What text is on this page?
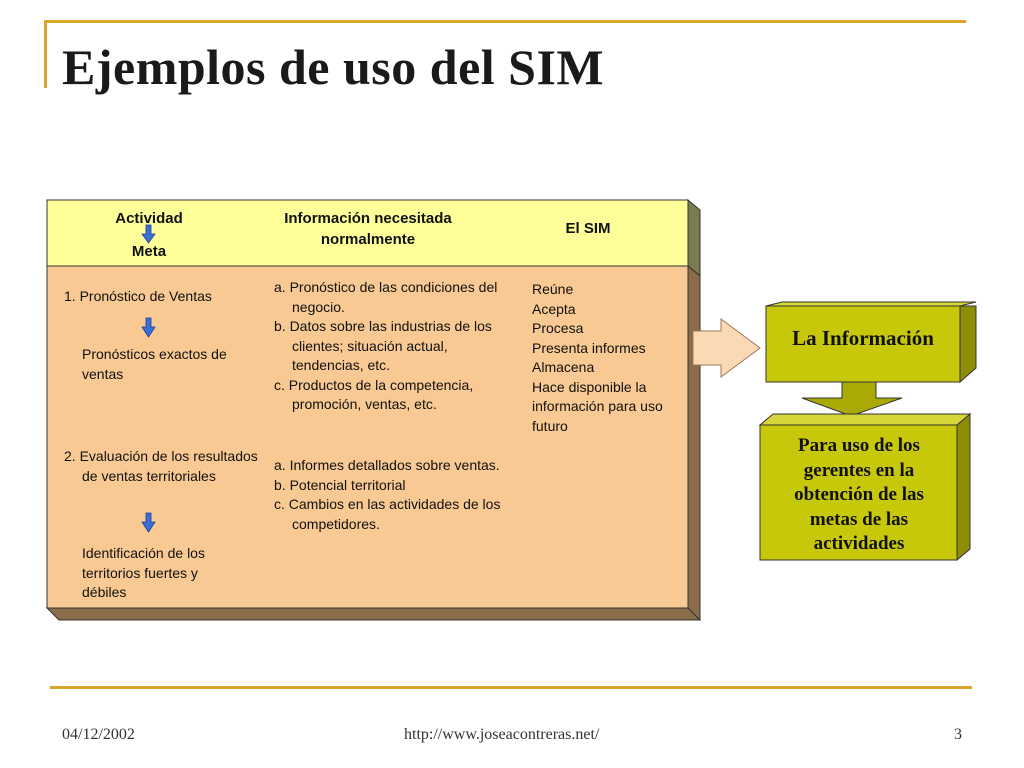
Ejemplos de uso del SIM
Actividad
Meta
Información necesitada normalmente
El SIM
1. Pronóstico de Ventas
Pronósticos exactos de ventas
2. Evaluación de los resultados de ventas territoriales
Identificación de los territorios fuertes y débiles
a. Pronóstico de las condiciones del negocio.
b. Datos sobre las industrias de los clientes; situación actual, tendencias, etc.
c. Productos de la competencia, promoción, ventas, etc.
a. Informes detallados sobre ventas.
b. Potencial territorial
c. Cambios en las actividades de los competidores.
Reúne
Acepta
Procesa
Presenta informes
Almacena
Hace disponible la
información para uso
futuro
La Información
Para uso de los gerentes en la obtención de las metas de las actividades
04/12/2002	http://www.joseacontreras.net/	3
